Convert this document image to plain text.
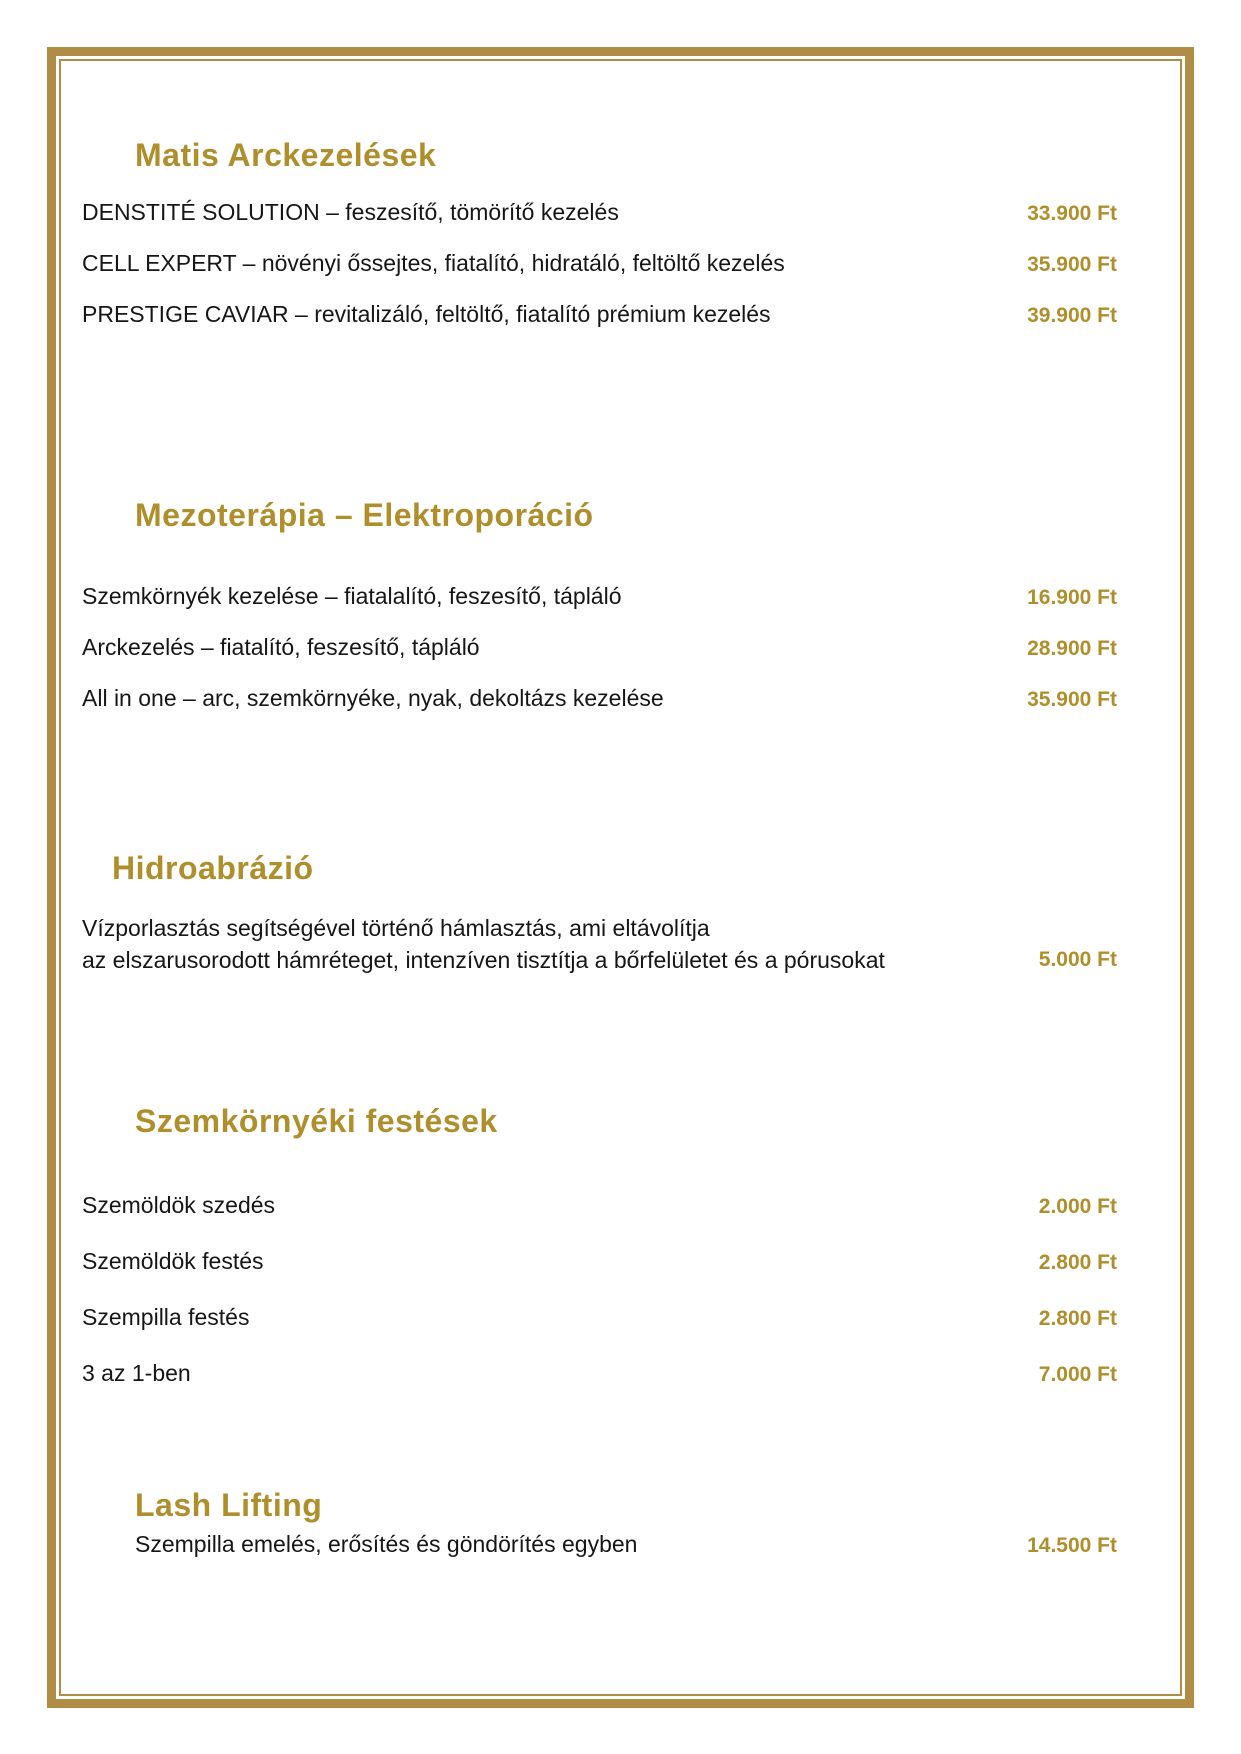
Matis Arckezelések
DENSTITÉ SOLUTION – feszesítő, tömörítő kezelés	33.900 Ft
CELL EXPERT – növényi őssejtes, fiatalító, hidratáló, feltöltő kezelés	35.900 Ft
PRESTIGE CAVIAR – revitalizáló, feltöltő, fiatalító prémium kezelés	39.900 Ft
Mezoterápia – Elektroporáció
Szemkörnyék kezelése – fiatalalító, feszesítő, tápláló	16.900 Ft
Arckezelés – fiatalító, feszesítő, tápláló	28.900 Ft
All in one – arc, szemkörnyéke, nyak, dekoltázs kezelése	35.900 Ft
Hidroabrázió
Vízporlasztás segítségével történő hámlasztás, ami eltávolítja
az elszarusorodott hámréteget, intenzíven tisztítja a bőrfelületet és a pórusokat	5.000 Ft
Szemkörnyéki festések
Szemöldök szedés	2.000 Ft
Szemöldök festés	2.800 Ft
Szempilla festés	2.800 Ft
3 az 1-ben	7.000 Ft
Lash Lifting
Szempilla emelés, erősítés és göndörítés egyben	14.500 Ft
